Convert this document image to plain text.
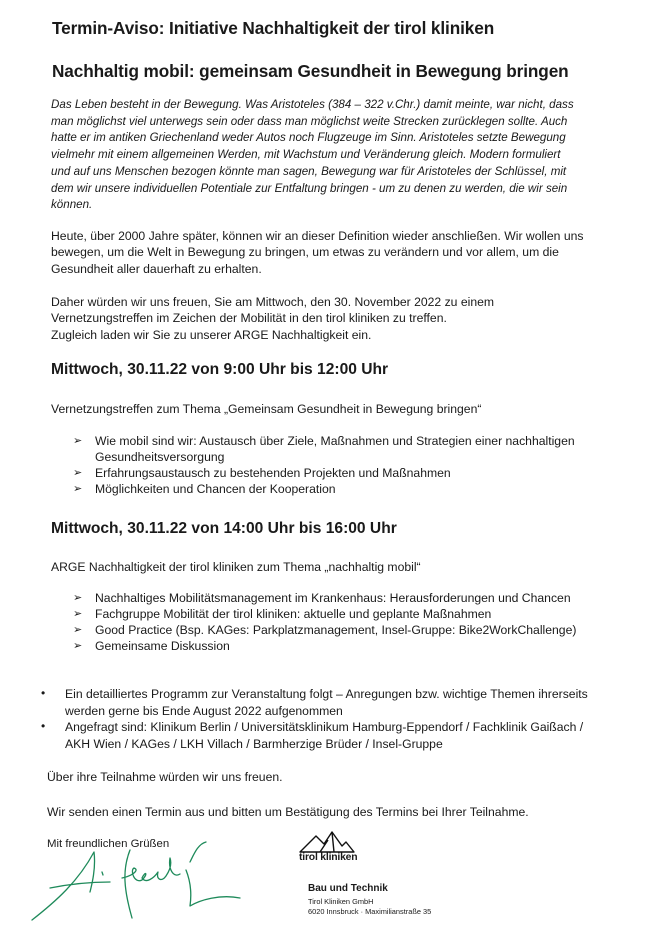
Termin-Aviso: Initiative Nachhaltigkeit der tirol kliniken
Nachhaltig mobil: gemeinsam Gesundheit in Bewegung bringen
Das Leben besteht in der Bewegung. Was Aristoteles (384 – 322 v.Chr.) damit meinte, war nicht, dass
man möglichst viel unterwegs sein oder dass man möglichst weite Strecken zurücklegen sollte. Auch
hatte er im antiken Griechenland weder Autos noch Flugzeuge im Sinn. Aristoteles setzte Bewegung
vielmehr mit einem allgemeinen Werden, mit Wachstum und Veränderung gleich. Modern formuliert
und auf uns Menschen bezogen könnte man sagen, Bewegung war für Aristoteles der Schlüssel, mit
dem wir unsere individuellen Potentiale zur Entfaltung bringen - um zu denen zu werden, die wir sein
können.
Heute, über 2000 Jahre später, können wir an dieser Definition wieder anschließen. Wir wollen uns
bewegen, um die Welt in Bewegung zu bringen, um etwas zu verändern und vor allem, um die
Gesundheit aller dauerhaft zu erhalten.
Daher würden wir uns freuen, Sie am Mittwoch, den 30. November 2022 zu einem
Vernetzungstreffen im Zeichen der Mobilität in den tirol kliniken zu treffen.
Zugleich laden wir Sie zu unserer ARGE Nachhaltigkeit ein.
Mittwoch, 30.11.22 von 9:00 Uhr bis 12:00 Uhr
Vernetzungstreffen zum Thema „Gemeinsam Gesundheit in Bewegung bringen“
➢ Wie mobil sind wir: Austausch über Ziele, Maßnahmen und Strategien einer nachhaltigen
Gesundheitsversorgung
➢ Erfahrungsaustausch zu bestehenden Projekten und Maßnahmen
➢ Möglichkeiten und Chancen der Kooperation
Mittwoch, 30.11.22 von 14:00 Uhr bis 16:00 Uhr
ARGE Nachhaltigkeit der tirol kliniken zum Thema „nachhaltig mobil“
➢ Nachhaltiges Mobilitätsmanagement im Krankenhaus: Herausforderungen und Chancen
➢ Fachgruppe Mobilität der tirol kliniken: aktuelle und geplante Maßnahmen
➢ Good Practice (Bsp. KAGes: Parkplatzmanagement, Insel-Gruppe: Bike2WorkChallenge)
➢ Gemeinsame Diskussion
• Ein detailliertes Programm zur Veranstaltung folgt – Anregungen bzw. wichtige Themen ihrerseits
werden gerne bis Ende August 2022 aufgenommen
• Angefragt sind: Klinikum Berlin / Universitätsklinikum Hamburg-Eppendorf / Fachklinik Gaißach /
AKH Wien / KAGes / LKH Villach / Barmherzige Brüder / Insel-Gruppe
Über ihre Teilnahme würden wir uns freuen.
Wir senden einen Termin aus und bitten um Bestätigung des Termins bei Ihrer Teilnahme.
Mit freundlichen Grüßen
tirol kliniken
Bau und Technik
Tirol Kliniken GmbH
6020 Innsbruck · Maximilianstraße 35
